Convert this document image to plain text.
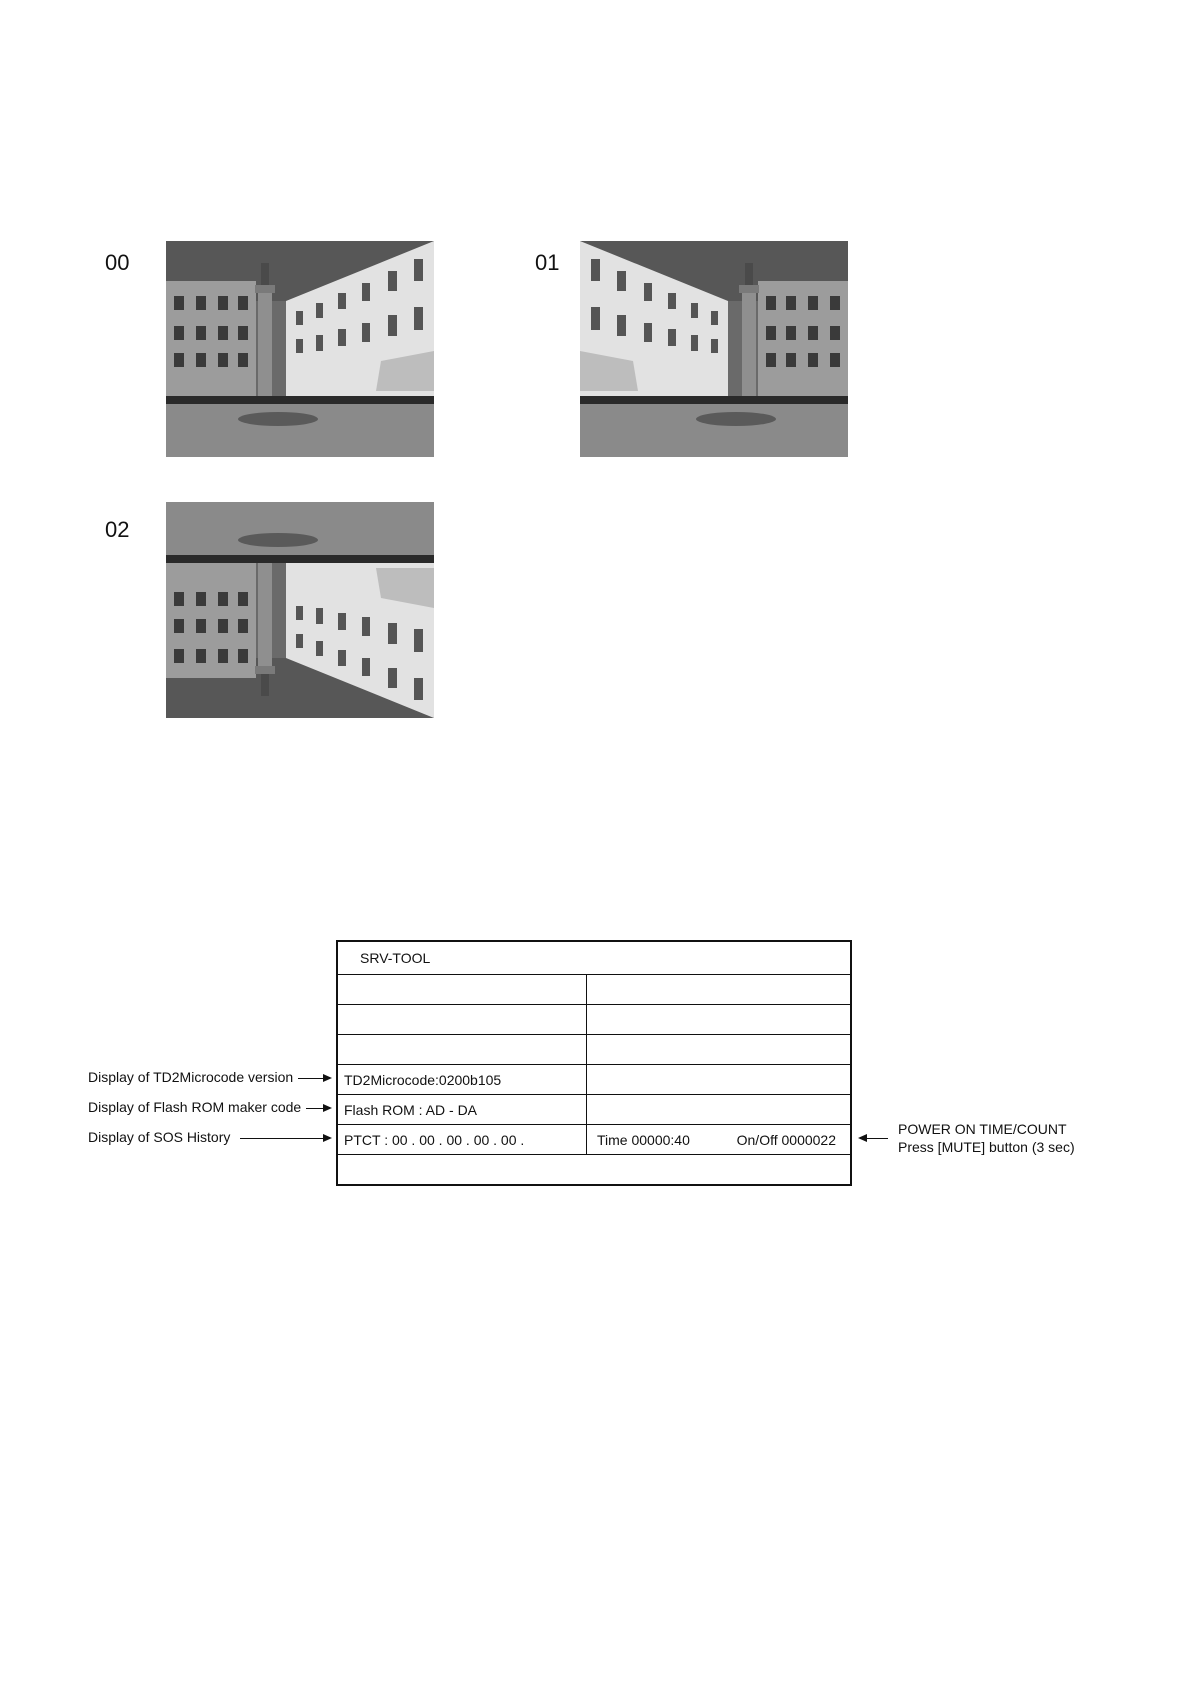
00	01
02
SRV-TOOL
TD2Microcode:0200b105
Flash ROM : AD - DA
PTCT : 00 . 00 . 00 . 00 . 00 .	Time 00000:40	On/Off 0000022
Display of TD2Microcode version
Display of Flash ROM maker code
Display of SOS History	POWER ON TIME/COUNT
Press [MUTE] button (3 sec)
